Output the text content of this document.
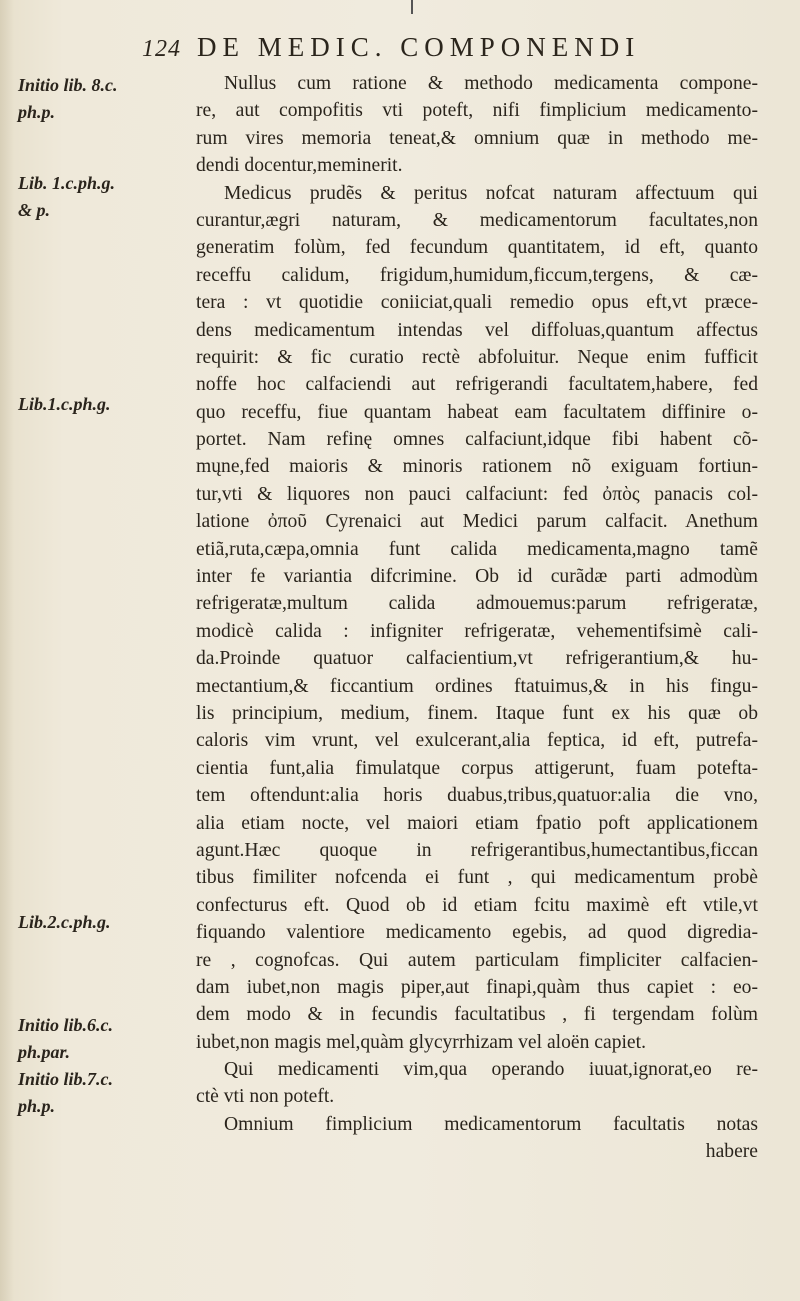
124 DE MEDIC. COMPONENDI
Initio lib. 8.c.
ph.p.
Lib. 1.c.ph.g.
& p.
Lib.1.c.ph.g.
Lib.2.c.ph.g.
Initio lib.6.c.
ph.par.
Initio lib.7.c.
ph.p.
Nullus cum ratione & methodo medicamenta compone-
re, aut compofitis vti poteft, nifi fimplicium medicamento-
rum vires memoria teneat,& omnium quæ in methodo me-
dendi docentur,meminerit.
Medicus prudẽs & peritus nofcat naturam affectuum qui
curantur,ægri naturam, & medicamentorum facultates,non
generatim folùm, fed fecundum quantitatem, id eft, quanto
receffu calidum, frigidum,humidum,ficcum,tergens, & cæ-
tera : vt quotidie coniiciat,quali remedio opus eft,vt præce-
dens medicamentum intendas vel diffoluas,quantum affectus
requirit: & fic curatio rectè abfoluitur. Neque enim fufficit
noffe hoc calfaciendi aut refrigerandi facultatem,habere, fed
quo receffu, fiue quantam habeat eam facultatem diffinire o-
portet. Nam refinę omnes calfaciunt,idque fibi habent cõ-
mųne,fed maioris & minoris rationem nõ exiguam fortiun-
tur,vti & liquores non pauci calfaciunt: fed ὀπὸς panacis col-
latione ὀπoῦ Cyrenaici aut Medici parum calfacit. Anethum
etiã,ruta,cæpa,omnia funt calida medicamenta,magno tamẽ
inter fe variantia difcrimine. Ob id curãdæ parti admodùm
refrigeratæ,multum calida admouemus:parum refrigeratæ,
modicè calida : infigniter refrigeratæ, vehementifsimè cali-
da.Proinde quatuor calfacientium,vt refrigerantium,& hu-
mectantium,& ficcantium ordines ftatuimus,& in his fingu-
lis principium, medium, finem. Itaque funt ex his quæ ob
caloris vim vrunt, vel exulcerant,alia feptica, id eft, putrefa-
cientia funt,alia fimulatque corpus attigerunt, fuam potefta-
tem oftendunt:alia horis duabus,tribus,quatuor:alia die vno,
alia etiam nocte, vel maiori etiam fpatio poft applicationem
agunt.Hæc quoque in refrigerantibus,humectantibus,ficcan
tibus fimiliter nofcenda ei funt , qui medicamentum probè
confecturus eft. Quod ob id etiam fcitu maximè eft vtile,vt
fiquando valentiore medicamento egebis, ad quod digredia-
re , cognofcas. Qui autem particulam fimpliciter calfacien-
dam iubet,non magis piper,aut finapi,quàm thus capiet : eo-
dem modo & in fecundis facultatibus , fi tergendam folùm
iubet,non magis mel,quàm glycyrrhizam vel aloën capiet.
Qui medicamenti vim,qua operando iuuat,ignorat,eo re-
ctè vti non poteft.
Omnium fimplicium medicamentorum facultatis notas
habere
